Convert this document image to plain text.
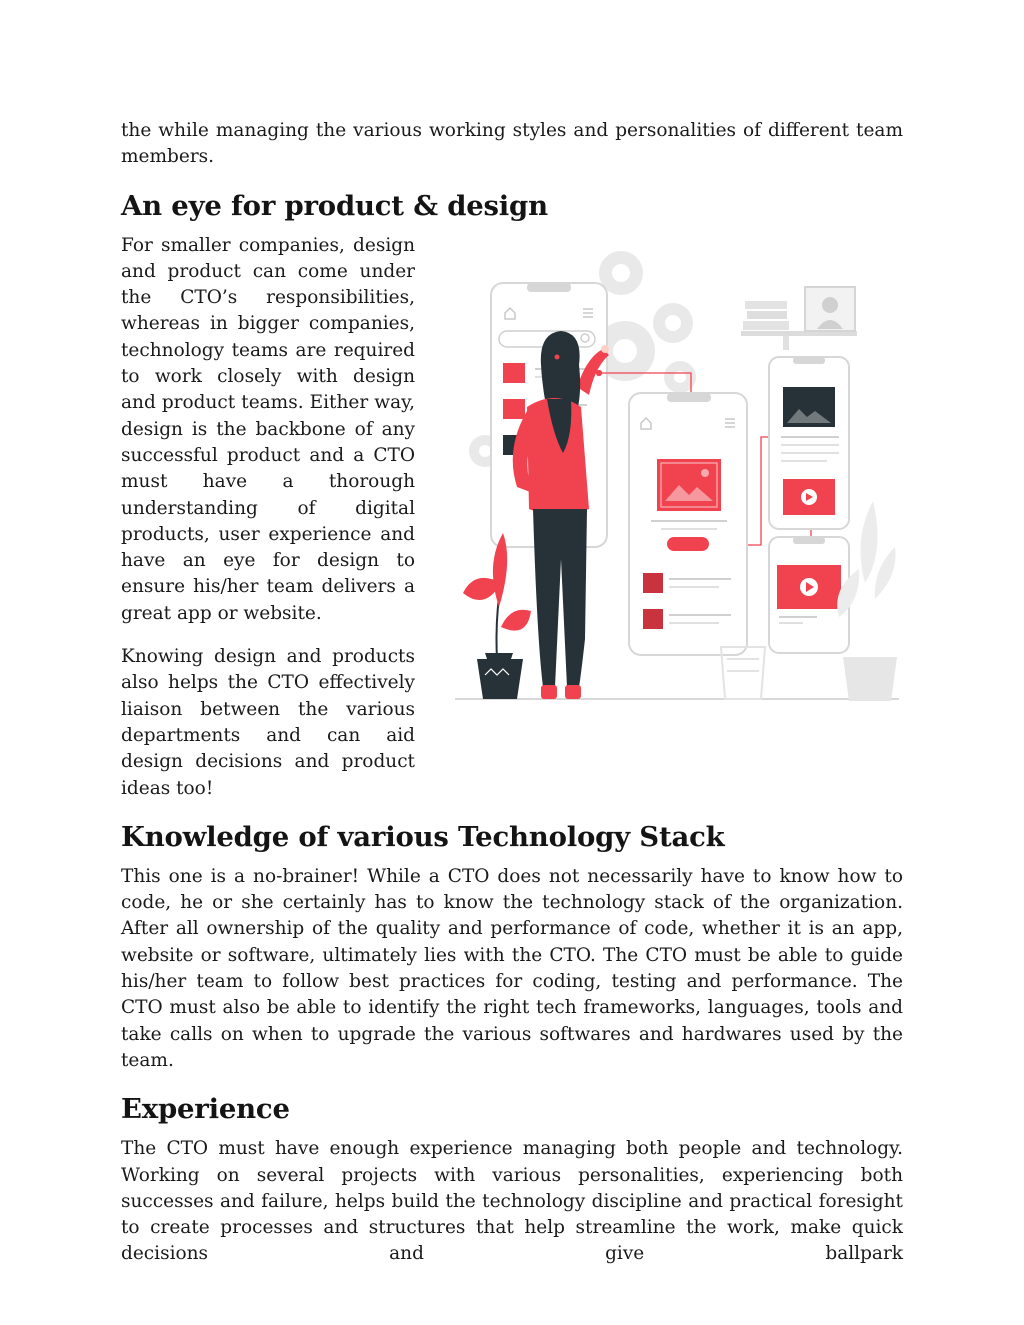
the while managing the various working styles and personalities of different team members.

An eye for product & design

For smaller companies, design and product can come under the CTO’s responsibilities, whereas in bigger companies, technology teams are required to work closely with design and product teams. Either way, design is the backbone of any successful product and a CTO must have a thorough understanding of digital products, user experience and have an eye for design to ensure his/her team delivers a great app or website.

Knowing design and products also helps the CTO effectively liaison between the various departments and can aid design decisions and product ideas too!

Knowledge of various Technology Stack

This one is a no-brainer! While a CTO does not necessarily have to know how to code, he or she certainly has to know the technology stack of the organization. After all ownership of the quality and performance of code, whether it is an app, website or software, ultimately lies with the CTO. The CTO must be able to guide his/her team to follow best practices for coding, testing and performance. The CTO must also be able to identify the right tech frameworks, languages, tools and take calls on when to upgrade the various softwares and hardwares used by the team.

Experience

The CTO must have enough experience managing both people and technology. Working on several projects with various personalities, experiencing both successes and failure, helps build the technology discipline and practical foresight to create processes and structures that help streamline the work, make quick decisions and give ballpark
